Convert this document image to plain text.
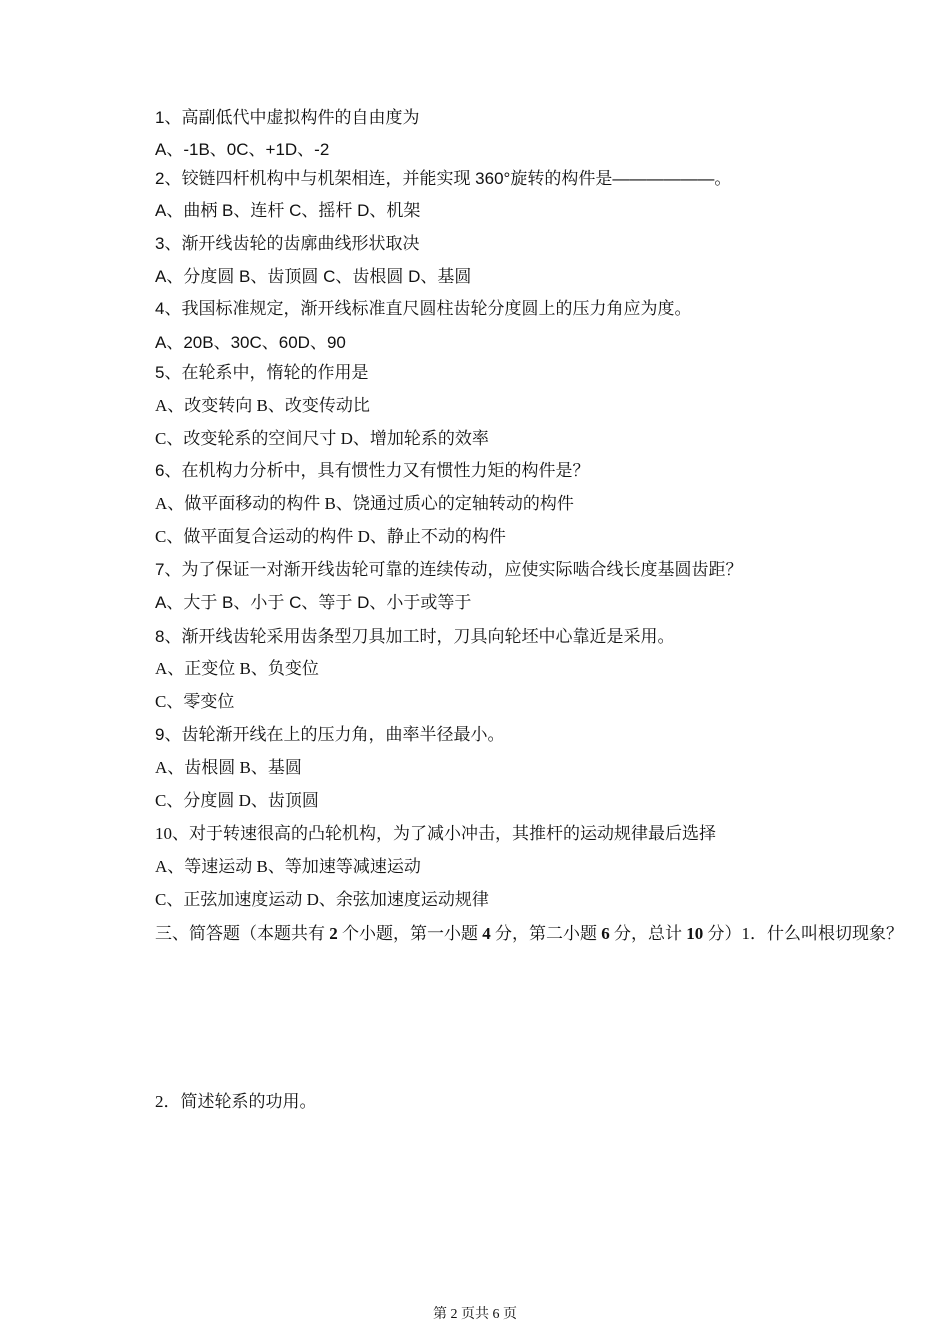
1、高副低代中虚拟构件的自由度为
A、-1B、0C、+1D、-2
2、铰链四杆机构中与机架相连，并能实现 360°旋转的构件是——————。
A、曲柄 B、连杆 C、摇杆 D、机架
3、渐开线齿轮的齿廓曲线形状取决
A、分度圆 B、齿顶圆 C、齿根圆 D、基圆
4、我国标准规定，渐开线标准直尺圆柱齿轮分度圆上的压力角应为度。
A、20B、30C、60D、90
5、在轮系中，惰轮的作用是
A、改变转向 B、改变传动比
C、改变轮系的空间尺寸 D、增加轮系的效率
6、在机构力分析中，具有惯性力又有惯性力矩的构件是？
A、做平面移动的构件 B、饶通过质心的定轴转动的构件
C、做平面复合运动的构件 D、静止不动的构件
7、为了保证一对渐开线齿轮可靠的连续传动，应使实际啮合线长度基圆齿距？
A、大于 B、小于 C、等于 D、小于或等于
8、渐开线齿轮采用齿条型刀具加工时，刀具向轮坯中心靠近是采用。
A、正变位 B、负变位
C、零变位
9、齿轮渐开线在上的压力角，曲率半径最小。
A、齿根圆 B、基圆
C、分度圆 D、齿顶圆
10、对于转速很高的凸轮机构，为了减小冲击，其推杆的运动规律最后选择
A、等速运动 B、等加速等减速运动
C、正弦加速度运动 D、余弦加速度运动规律
三、简答题（本题共有 2 个小题，第一小题 4 分，第二小题 6 分，总计 10 分）1．什么叫根切现象？
2．简述轮系的功用。
第 2 页共 6 页
